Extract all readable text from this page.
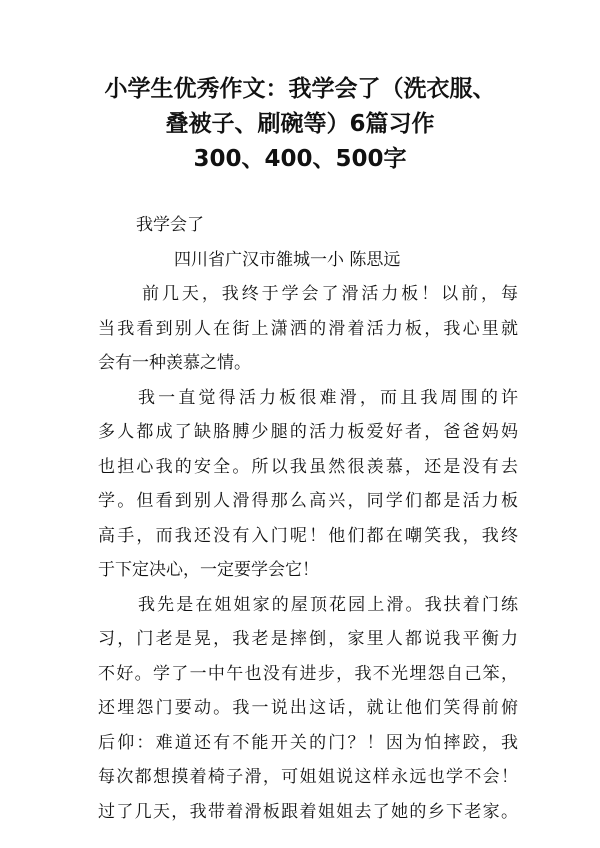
小学生优秀作文：我学会了（洗衣服、
叠被子、刷碗等）6篇习作
300、400、500字
我学会了
四川省广汉市雒城一小 陈思远
前几天，我终于学会了滑活力板！以前，每
当我看到别人在街上潇洒的滑着活力板，我心里就
会有一种羡慕之情。
我一直觉得活力板很难滑，而且我周围的许
多人都成了缺胳膊少腿的活力板爱好者，爸爸妈妈
也担心我的安全。所以我虽然很羡慕，还是没有去
学。但看到别人滑得那么高兴，同学们都是活力板
高手，而我还没有入门呢！他们都在嘲笑我，我终
于下定决心，一定要学会它！
我先是在姐姐家的屋顶花园上滑。我扶着门练
习，门老是晃，我老是摔倒，家里人都说我平衡力
不好。学了一中午也没有进步，我不光埋怨自己笨，
还埋怨门要动。我一说出这话，就让他们笑得前俯
后仰：难道还有不能开关的门？！因为怕摔跤，我
每次都想摸着椅子滑，可姐姐说这样永远也学不会！
过了几天，我带着滑板跟着姐姐去了她的乡下老家。
